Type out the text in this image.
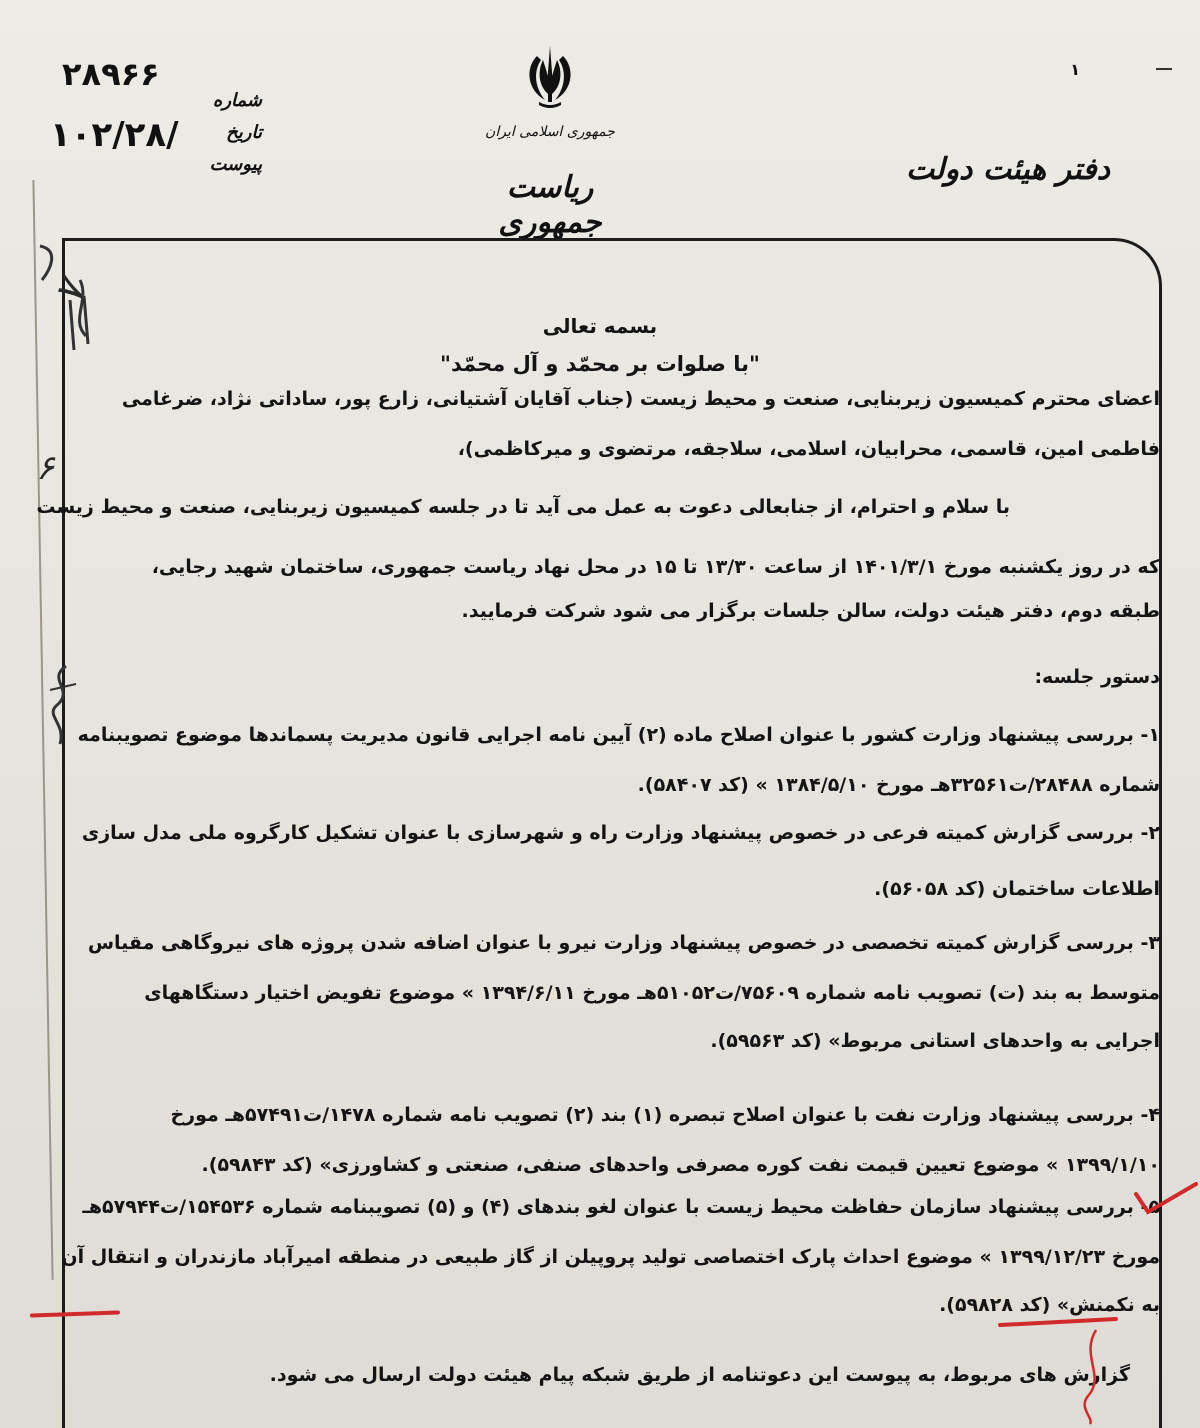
۲۸۹۶۶
۱۰۲/۲۸/
شماره
تاریخ
پیوست
جمهوری اسلامی ایران
ریاست جمهوری
دفتر هیئت دولت
۱
۷
۶
بسمه تعالی
"با صلوات بر محمّد و آل محمّد"
اعضای محترم کمیسیون زیربنایی، صنعت و محیط زیست (جناب آقایان آشتیانی، زارع پور، ساداتی نژاد، ضرغامی
فاطمی امین، قاسمی، محرابیان، اسلامی، سلاجقه، مرتضوی و میرکاظمی)،
با سلام و احترام، از جنابعالی دعوت به عمل می آید تا در جلسه کمیسیون زیربنایی، صنعت و محیط زیست
که در روز یکشنبه مورخ ۱۴۰۱/۳/۱ از ساعت ۱۳/۳۰ تا ۱۵ در محل نهاد ریاست جمهوری، ساختمان شهید رجایی،
طبقه دوم، دفتر هیئت دولت، سالن جلسات برگزار می شود شرکت فرمایید.
دستور جلسه:
۱- بررسی پیشنهاد وزارت کشور با عنوان اصلاح ماده (۲) آیین نامه اجرایی قانون مدیریت پسماندها موضوع تصویبنامه
شماره ۲۸۴۸۸/ت۳۲۵۶۱هـ مورخ ۱۳۸۴/۵/۱۰ » (کد ۵۸۴۰۷).
۲- بررسی گزارش کمیته فرعی در خصوص پیشنهاد وزارت راه و شهرسازی با عنوان تشکیل کارگروه ملی مدل سازی
اطلاعات ساختمان (کد ۵۶۰۵۸).
۳- بررسی گزارش کمیته تخصصی در خصوص پیشنهاد وزارت نیرو با عنوان اضافه شدن پروژه های نیروگاهی مقیاس
متوسط به بند (ت) تصویب نامه شماره ۷۵۶۰۹/ت۵۱۰۵۲هـ مورخ ۱۳۹۴/۶/۱۱ » موضوع تفویض اختیار دستگاههای
اجرایی به واحدهای استانی مربوط» (کد ۵۹۵۶۳).
۴- بررسی پیشنهاد وزارت نفت با عنوان اصلاح تبصره (۱) بند (۲) تصویب نامه شماره ۱۴۷۸/ت۵۷۴۹۱هـ مورخ
۱۳۹۹/۱/۱۰ » موضوع تعیین قیمت نفت کوره مصرفی واحدهای صنفی، صنعتی و کشاورزی» (کد ۵۹۸۴۳).
۵- بررسی پیشنهاد سازمان حفاظت محیط زیست با عنوان لغو بندهای (۴) و (۵) تصویبنامه شماره ۱۵۴۵۳۶/ت۵۷۹۴۴هـ
مورخ ۱۳۹۹/۱۲/۲۳ » موضوع احداث پارک اختصاصی تولید پروپیلن از گاز طبیعی در منطقه امیرآباد مازندران و انتقال آن
به نکمنش» (کد ۵۹۸۲۸).
گزارش های مربوط، به پیوست این دعوتنامه از طریق شبکه پیام هیئت دولت ارسال می شود.
